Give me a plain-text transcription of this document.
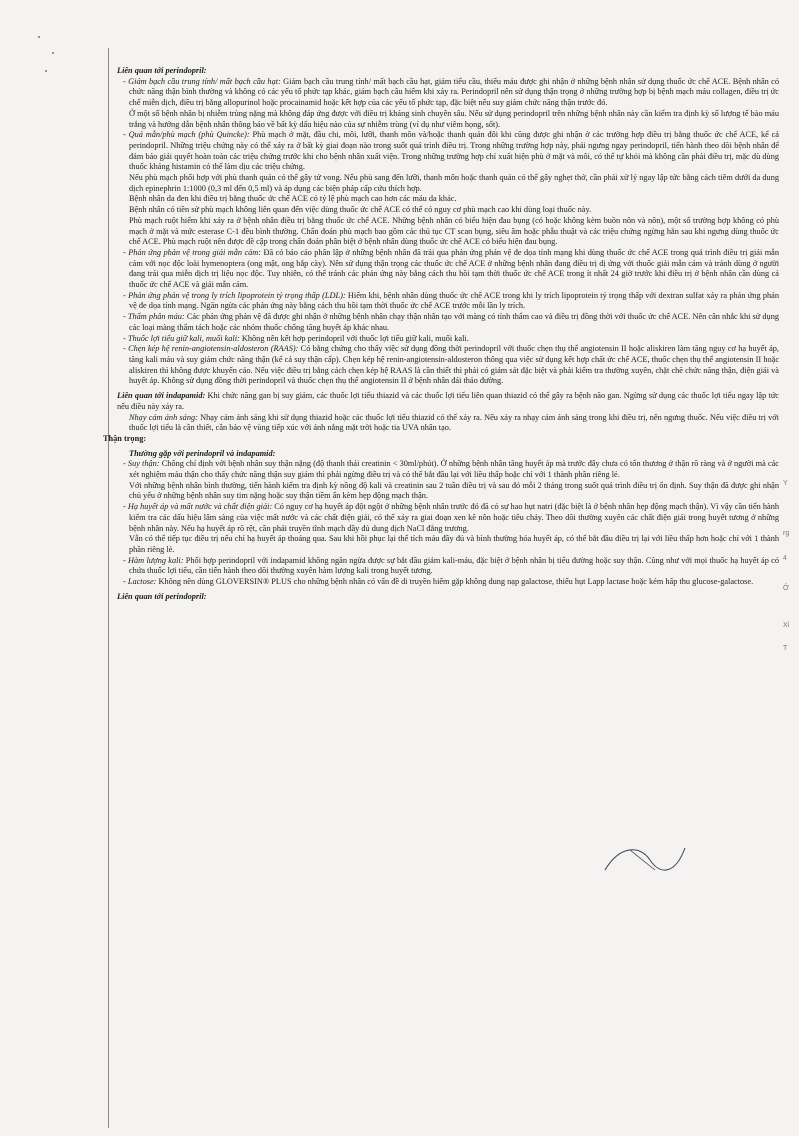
Liên quan tới perindopril:

- Giảm bạch cầu trung tính/ mất bạch cầu hạt: Giảm bạch cầu trung tính/ mất bạch cầu hạt, giảm tiểu cầu, thiếu máu được ghi nhận ở những bệnh nhân sử dụng thuốc ức chế ACE. Bệnh nhân có chức năng thận bình thường và không có các yếu tố phức tạp khác, giảm bạch cầu hiếm khi xảy ra. Perindopril nên sử dụng thận trọng ở những trường hợp bị bệnh mạch máu collagen, điều trị ức chế miễn dịch, điều trị bằng allopurinol hoặc procainamid hoặc kết hợp của các yếu tố phức tạp, đặc biệt nếu suy giảm chức năng thận trước đó.

Ở một số bệnh nhân bị nhiễm trùng nặng mà không đáp ứng được với điều trị kháng sinh chuyên sâu. Nếu sử dụng perindopril trên những bệnh nhân này cần kiểm tra định kỳ số lượng tế bào máu trắng và hướng dẫn bệnh nhân thông báo về bất kỳ dấu hiệu nào của sự nhiễm trùng (ví dụ như viêm họng, sốt).

- Quá mẫn/phù mạch (phù Quincke): Phù mạch ở mặt, đầu chi, môi, lưỡi, thanh môn và/hoặc thanh quản đôi khi cũng được ghi nhận ở các trường hợp điều trị bằng thuốc ức chế ACE, kể cả perindopril. Những triệu chứng này có thể xảy ra ở bất kỳ giai đoạn nào trong suốt quá trình điều trị. Trong những trường hợp này, phải ngưng ngay perindopril, tiến hành theo dõi bệnh nhân để đảm bảo giải quyết hoàn toàn các triệu chứng trước khi cho bệnh nhân xuất viện. Trong những trường hợp chỉ xuất hiện phù ở mặt và môi, có thể tự khỏi mà không cần phải điều trị, mặc dù dùng thuốc kháng histamin có thể làm dịu các triệu chứng.

Nếu phù mạch phối hợp với phù thanh quản có thể gây tử vong. Nếu phù sang đến lưỡi, thanh môn hoặc thanh quản có thể gây nghẹt thở, cần phải xử lý ngay lập tức bằng cách tiêm dưới da dung dịch epinephrin 1:1000 (0,3 ml đến 0,5 ml) và áp dụng các biện pháp cấp cứu thích hợp.

Bệnh nhân da đen khi điều trị bằng thuốc ức chế ACE có tỷ lệ phù mạch cao hơn các máu da khác.

Bệnh nhân có tiền sử phù mạch không liên quan đến việc dùng thuốc ức chế ACE có thể có nguy cơ phù mạch cao khi dùng loại thuốc này.

Phù mạch ruột hiếm khi xảy ra ở bệnh nhân điều trị bằng thuốc ức chế ACE. Những bệnh nhân có biểu hiện đau bụng (có hoặc không kèm buồn nôn và nôn), một số trường hợp không có phù mạch ở mặt và mức esterase C-1 đều bình thường. Chẩn đoán phù mạch bao gồm các thủ tục CT scan bụng, siêu âm hoặc phẫu thuật và các triệu chứng ngừng hẳn sau khi ngưng dùng thuốc ức chế ACE. Phù mạch ruột nên được đề cập trong chẩn đoán phân biệt ở bệnh nhân dùng thuốc ức chế ACE có biểu hiện đau bụng.

- Phản ứng phản vệ trong giải mẫn cảm: Đã có báo cáo phân lập ở những bệnh nhân đã trải qua phản ứng phản vệ đe dọa tính mạng khi dùng thuốc ức chế ACE trong quá trình điều trị giải mẫn cảm với nọc độc loài hymenoptera (ong mật, ong bắp cày). Nên sử dụng thận trọng các thuốc ức chế ACE ở những bệnh nhân đang điều trị dị ứng với thuốc giải mẫn cảm và tránh dùng ở người đang trải qua miễn dịch trị liệu nọc độc. Tuy nhiên, có thể tránh các phản ứng này bằng cách thu hồi tạm thời thuốc ức chế ACE trong ít nhất 24 giờ trước khi điều trị ở bệnh nhân cần dùng cả thuốc ức chế ACE và giải mẫn cảm.

- Phản ứng phản vệ trong ly trích lipoprotein tỷ trọng thấp (LDL): Hiếm khi, bệnh nhân dùng thuốc ức chế ACE trong khi ly trích lipoprotein tỷ trọng thấp với dextran sulfat xảy ra phản ứng phản vệ đe dọa tính mạng. Ngăn ngừa các phản ứng này bằng cách thu hồi tạm thời thuốc ức chế ACE trước mỗi lần ly trích.

- Thẩm phân máu: Các phản ứng phản vệ đã được ghi nhận ở những bệnh nhân chạy thận nhân tạo với màng có tính thẩm cao và điều trị đồng thời với thuốc ức chế ACE. Nên cân nhắc khi sử dụng các loại màng thẩm tách hoặc các nhóm thuốc chống tăng huyết áp khác nhau.

- Thuốc lợi tiểu giữ kali, muối kali: Không nên kết hợp perindopril với thuốc lợi tiểu giữ kali, muối kali.

- Chẹn kép hệ renin-angiotensin-aldosteron (RAAS): Có bằng chứng cho thấy việc sử dụng đồng thời perindopril với thuốc chẹn thụ thể angiotensin II hoặc aliskiren làm tăng nguy cơ hạ huyết áp, tăng kali máu và suy giảm chức năng thận (kể cả suy thận cấp). Chẹn kép hệ renin-angiotensin-aldosteron thông qua việc sử dụng kết hợp chất ức chế ACE, thuốc chẹn thụ thể angiotensin II hoặc aliskiren thì không được khuyến cáo. Nếu việc điều trị bằng cách chẹn kép hệ RAAS là cần thiết thì phải có giám sát đặc biệt và phải kiểm tra thường xuyên, chặt chẽ chức năng thận, điện giải và huyết áp. Không sử dụng đồng thời perindopril và thuốc chẹn thụ thể angiotensin II ở bệnh nhân đái tháo đường.

Liên quan tới indapamid: Khi chức năng gan bị suy giảm, các thuốc lợi tiểu thiazid và các thuốc lợi tiểu liên quan thiazid có thể gây ra bệnh não gan. Ngừng sử dụng các thuốc lợi tiểu ngay lập tức nếu điều này xảy ra.

Nhạy cảm ánh sáng: Nhạy cảm ánh sáng khi sử dụng thiazid hoặc các thuốc lợi tiểu thiazid có thể xảy ra. Nếu xảy ra nhạy cảm ánh sáng trong khi điều trị, nên ngưng thuốc. Nếu việc điều trị với thuốc lợi tiểu là cần thiết, cần bảo vệ vùng tiếp xúc với ánh nắng mặt trời hoặc tia UVA nhân tạo.

Thận trọng:

Thường gặp với perindopril và indapamid:

- Suy thận: Chống chỉ định với bệnh nhân suy thận nặng (độ thanh thải creatinin < 30ml/phút). Ở những bệnh nhân tăng huyết áp mà trước đây chưa có tổn thương ở thận rõ ràng và ở người mà các xét nghiệm máu thận cho thấy chức năng thận suy giảm thì phải ngừng điều trị và có thể bắt đầu lại với liều thấp hoặc chỉ với 1 thành phần riêng lẻ.

Với những bệnh nhân bình thường, tiến hành kiểm tra định kỳ nồng độ kali và creatinin sau 2 tuần điều trị và sau đó mỗi 2 tháng trong suốt quá trình điều trị ổn định. Suy thận đã được ghi nhận chủ yếu ở những bệnh nhân suy tim nặng hoặc suy thận tiềm ẩn kèm hẹp động mạch thận.

- Hạ huyết áp và mất nước và chất điện giải: Có nguy cơ hạ huyết áp đột ngột ở những bệnh nhân trước đó đã có sự hao hụt natri (đặc biệt là ở bệnh nhân hẹp động mạch thận). Vì vậy cần tiến hành kiểm tra các dấu hiệu lâm sàng của việc mất nước và các chất điện giải, có thể xảy ra giai đoạn xen kẽ nôn hoặc tiêu chảy. Theo dõi thường xuyên các chất điện giải trong huyết tương ở những bệnh nhân này. Nếu hạ huyết áp rõ rệt, cần phải truyền tĩnh mạch dầy đủ dung dịch NaCl đẳng trương.

Vẫn có thể tiếp tục điều trị nếu chỉ hạ huyết áp thoáng qua. Sau khi hồi phục lại thể tích máu đầy đủ và bình thường hóa huyết áp, có thể bắt đầu điều trị lại với liều thấp hơn hoặc chỉ với 1 thành phần riêng lẻ.

- Hàm lượng kali: Phối hợp perindopril với indapamid không ngăn ngừa được sự bắt đầu giảm kali-máu, đặc biệt ở bệnh nhân bị tiểu đường hoặc suy thận. Cũng như với mọi thuốc hạ huyết áp có chứa thuốc lợi tiểu, cần tiến hành theo dõi thường xuyên hàm lượng kali trong huyết tương.

- Lactose: Không nên dùng GLOVERSIN® PLUS cho những bệnh nhân có vấn đề di truyền hiếm gặp không dung nạp galactose, thiếu hụt Lapp lactase hoặc kém hấp thu glucose-galactose.

Liên quan tới perindopril:

Y
rg
4
Ở
Xí
T
